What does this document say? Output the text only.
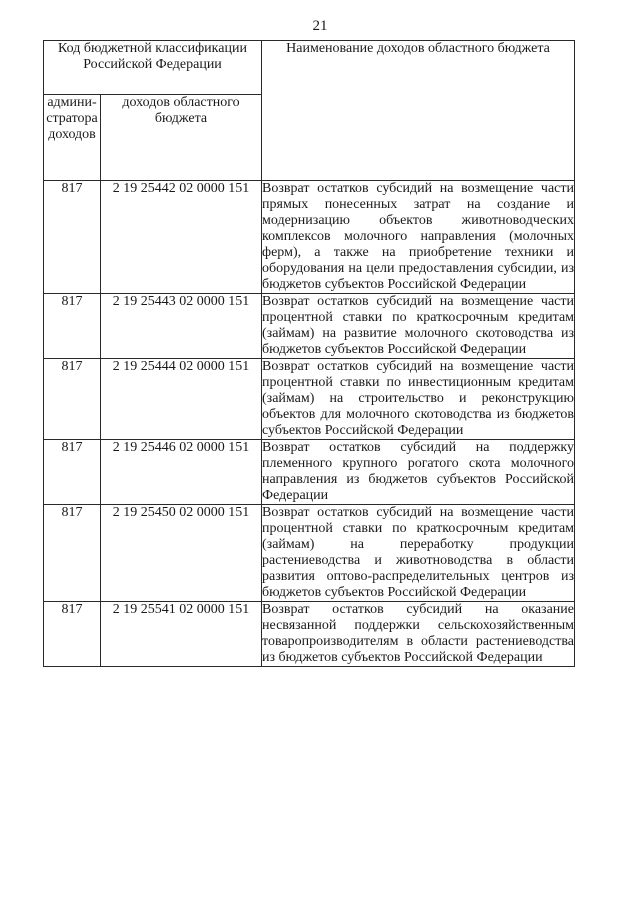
21
Код бюджетной классификации Российской Федерации		Наименование доходов областного бюджета
админи-стратора доходов	доходов областного бюджета	
817	2 19 25442 02 0000 151	Возврат остатков субсидий на возмещение части прямых понесенных затрат на создание и модернизацию объектов животноводческих комплексов молочного направления (молочных ферм), а также на приобретение техники и оборудования на цели предоставления субсидии, из бюджетов субъектов Российской Федерации
817	2 19 25443 02 0000 151	Возврат остатков субсидий на возмещение части процентной ставки по краткосрочным кредитам (займам) на развитие молочного скотоводства из бюджетов субъектов Российской Федерации
817	2 19 25444 02 0000 151	Возврат остатков субсидий на возмещение части процентной ставки по инвестиционным кредитам (займам) на строительство и реконструкцию объектов для молочного скотоводства из бюджетов субъектов Российской Федерации
817	2 19 25446 02 0000 151	Возврат остатков субсидий на поддержку племенного крупного рогатого скота молочного направления из бюджетов субъектов Российской Федерации
817	2 19 25450 02 0000 151	Возврат остатков субсидий на возмещение части процентной ставки по краткосрочным кредитам (займам) на переработку продукции растениеводства и животноводства в области развития оптово-распределительных центров из бюджетов субъектов Российской Федерации
817	2 19 25541 02 0000 151	Возврат остатков субсидий на оказание несвязанной поддержки сельскохозяйственным товаропроизводителям в области растениеводства из бюджетов субъектов Российской Федерации
